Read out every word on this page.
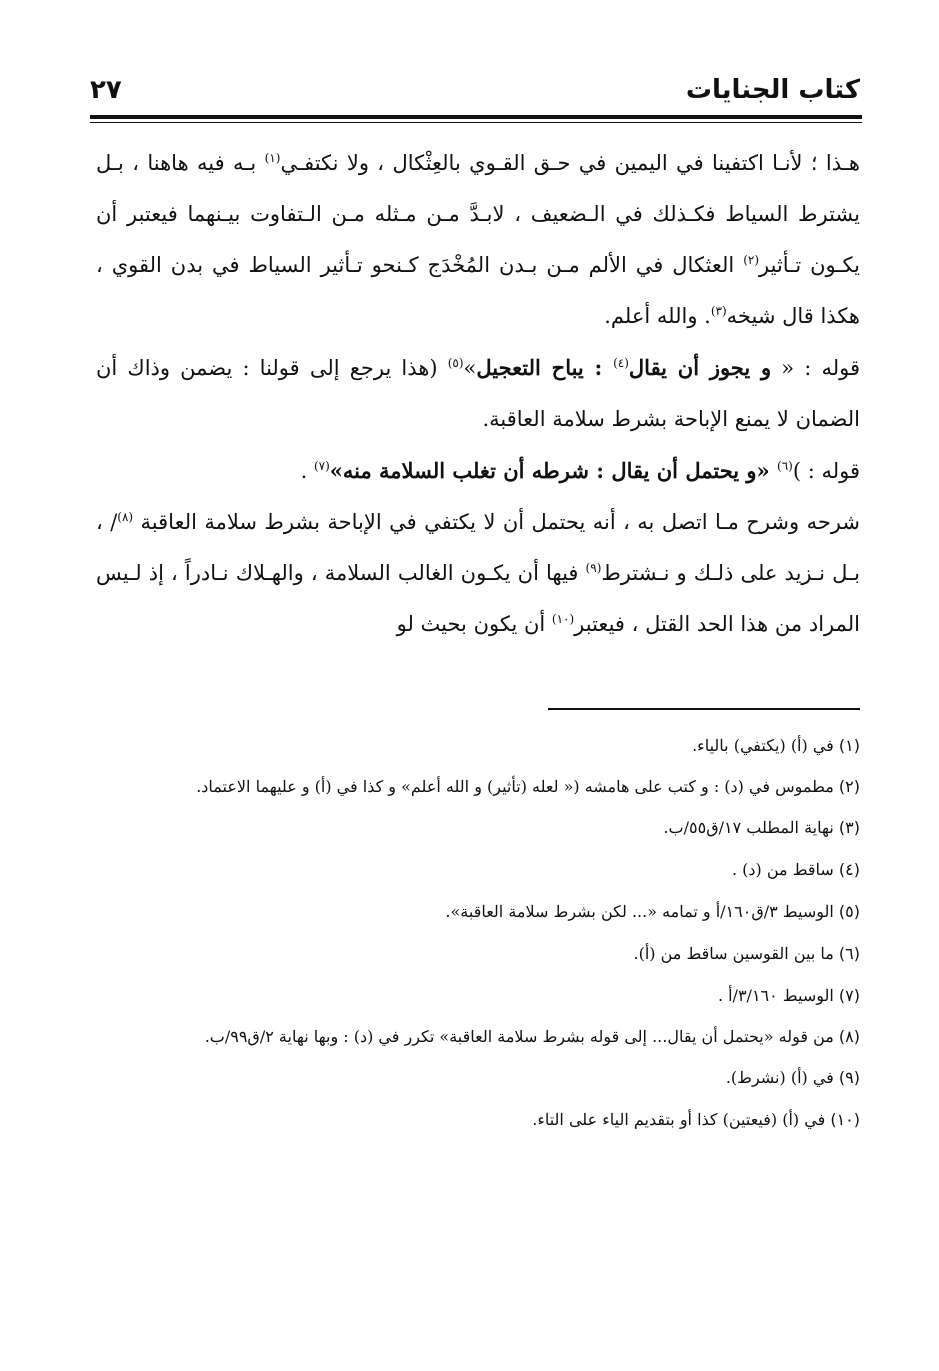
كتاب الجنايات
٢٧

هـذا ؛ لأنـا اكتفينا في اليمين في حـق القـوي بالعِثْكال ، ولا نكتفـي$^{(١)}$ بـه فيه هاهنا ، بـل يشترط السياط فكـذلك في الـضعيف ، لابـدَّ مـن مـثله مـن الـتفاوت بيـنهما فيعتبر أن يكـون تـأثير$^{(٢)}$ العثكال في الألم مـن بـدن المُخْدَج كـنحو تـأثير السياط في بدن القوي ، هكذا قال شيخه$^{(٣)}$. والله أعلم.

قوله : « و يجوز أن يقال$^{(٤)}$ : يباح التعجيل»$^{(٥)}$ (هذا يرجع إلى قولنا : يضمن وذاك أن الضمان لا يمنع الإباحة بشرط سلامة العاقبة.

قوله : )$^{(٦)}$ «و يحتمل أن يقال : شرطه أن تغلب السلامة منه»$^{(٧)}$ .

شرحه وشرح مـا اتصل به ، أنه يحتمل أن لا يكتفي في الإباحة بشرط سلامة العاقبة $^{(٨)}$/ ، بـل نـزيد على ذلـك و نـشترط$^{(٩)}$ فيها أن يكـون الغالب السلامة ، والهـلاك نـادراً ، إذ لـيس المراد من هذا الحد القتل ، فيعتبر$^{(١٠)}$ أن يكون بحيث لو

(١) في (أ) (يكتفي) بالياء.
(٢) مطموس في (د) : و كتب على هامشه (« لعله (تأثير) و الله أعلم» و كذا في (أ) و عليهما الاعتماد.
(٣) نهاية المطلب ١٧/ق٥٥/ب.
(٤) ساقط من (د) .
(٥) الوسيط ٣/ق١٦٠/أ و تمامه «... لكن بشرط سلامة العاقبة».
(٦) ما بين القوسين ساقط من (أ).
(٧) الوسيط ٣/١٦٠/أ .
(٨) من قوله «يحتمل أن يقال... إلى قوله بشرط سلامة العاقبة» تكرر في (د) : وبها نهاية ٢/ق٩٩/ب.
(٩) في (أ) (نشرط).
(١٠) في (أ) (فيعتين) كذا أو بتقديم الياء على التاء.
